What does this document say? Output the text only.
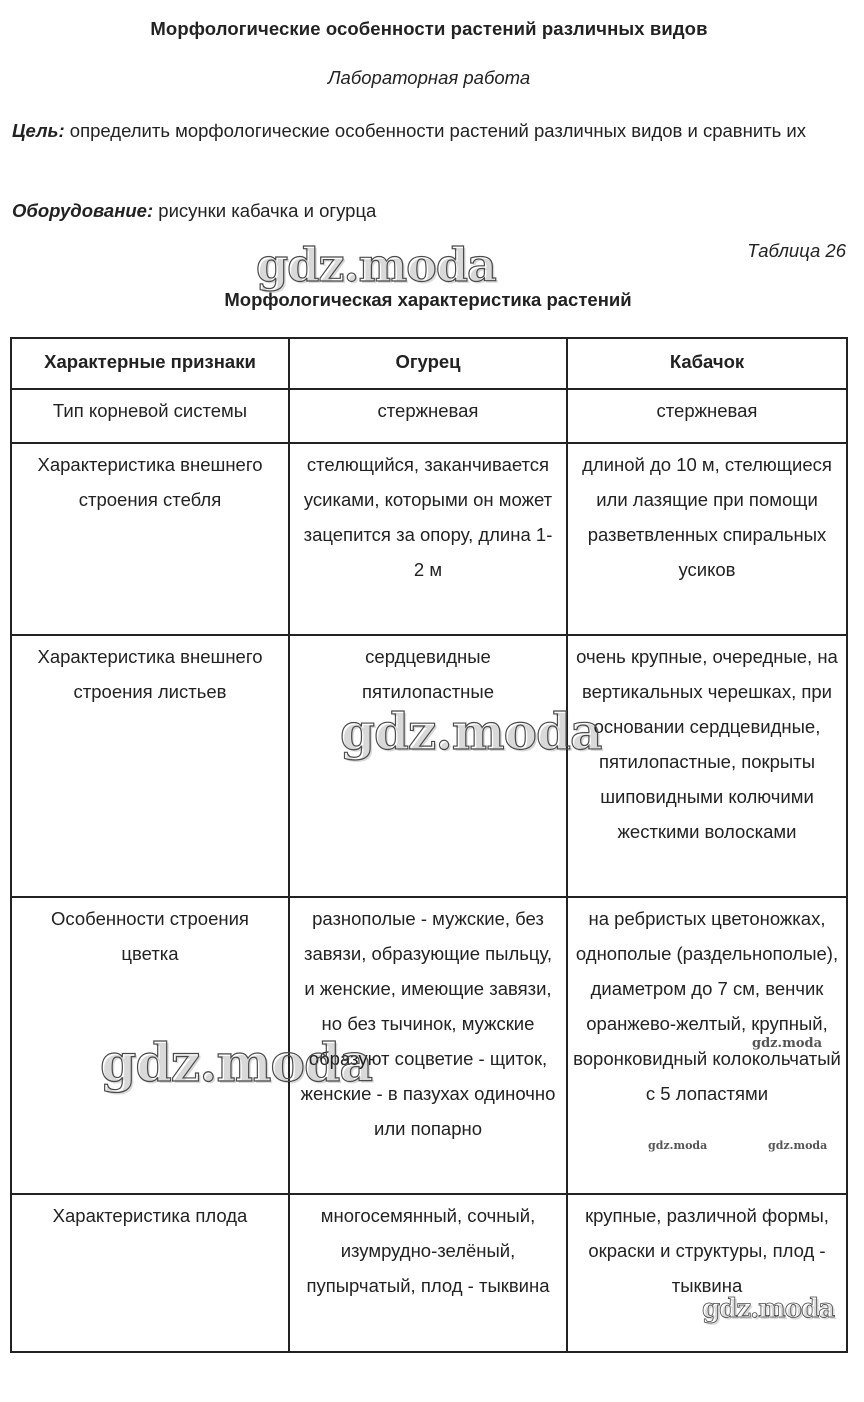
Морфологические особенности растений различных видов
Лабораторная работа
Цель: определить морфологические особенности растений различных видов и сравнить их
Оборудование: рисунки кабачка и огурца
Таблица 26
Морфологическая характеристика растений
Характерные признаки	Огурец	Кабачок
Тип корневой системы	стержневая	стержневая
Характеристика внешнего строения стебля	стелющийся, заканчивается усиками, которыми он может зацепится за опору, длина 1-2 м	длиной до 10 м, стелющиеся или лазящие при помощи разветвленных спиральных усиков
Характеристика внешнего строения листьев	сердцевидные пятилопастные	очень крупные, очередные, на вертикальных черешках, при основании сердцевидные, пятилопастные, покрыты шиповидными колючими жесткими волосками
Особенности строения цветка	разнополые - мужские, без завязи, образующие пыльцу, и женские, имеющие завязи, но без тычинок, мужские образуют соцветие - щиток, женские - в пазухах одиночно или попарно	на ребристых цветоножках, однополые (раздельнополые), диаметром до 7 см, венчик оранжево-желтый, крупный, воронковидный колокольчатый с 5 лопастями
Характеристика плода	многосемянный, сочный, изумрудно-зелёный, пупырчатый, плод - тыквина	крупные, различной формы, окраски и структуры, плод - тыквина
gdz.moda
gdz.moda
gdz.moda
gdz.moda
gdz.moda
gdz.moda	gdz.moda
